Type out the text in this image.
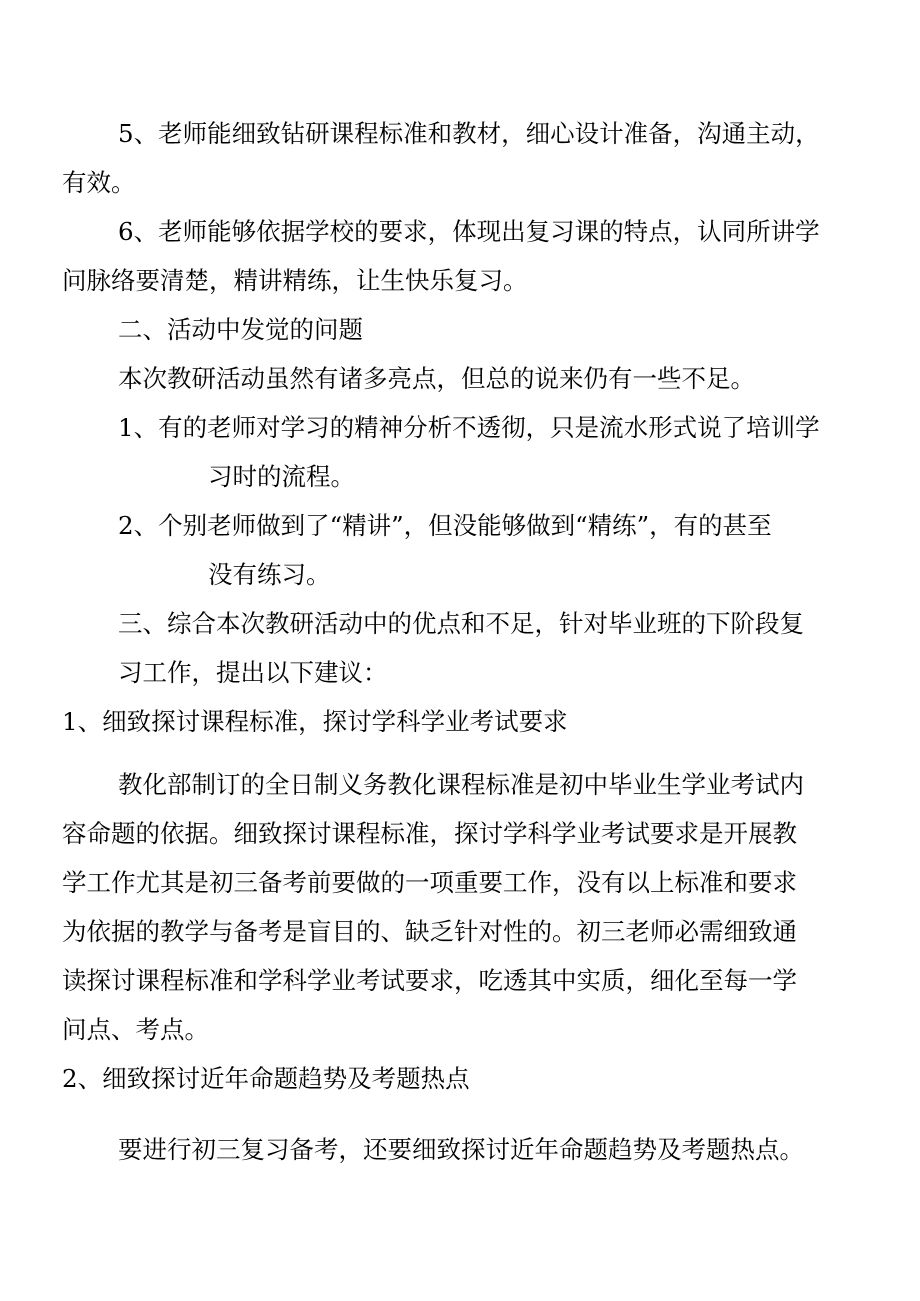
5、老师能细致钻研课程标准和教材，细心设计准备，沟通主动，
有效。
6、老师能够依据学校的要求，体现出复习课的特点，认同所讲学
问脉络要清楚，精讲精练，让生快乐复习。
二、活动中发觉的问题
本次教研活动虽然有诸多亮点，但总的说来仍有一些不足。
1、有的老师对学习的精神分析不透彻，只是流水形式说了培训学
习时的流程。
2、个别老师做到了“精讲”，但没能够做到“精练”，有的甚至
没有练习。
三、综合本次教研活动中的优点和不足，针对毕业班的下阶段复
习工作，提出以下建议：
1、细致探讨课程标准，探讨学科学业考试要求
教化部制订的全日制义务教化课程标准是初中毕业生学业考试内
容命题的依据。细致探讨课程标准，探讨学科学业考试要求是开展教
学工作尤其是初三备考前要做的一项重要工作，没有以上标准和要求
为依据的教学与备考是盲目的、缺乏针对性的。初三老师必需细致通
读探讨课程标准和学科学业考试要求，吃透其中实质，细化至每一学
问点、考点。
2、细致探讨近年命题趋势及考题热点
要进行初三复习备考，还要细致探讨近年命题趋势及考题热点。
